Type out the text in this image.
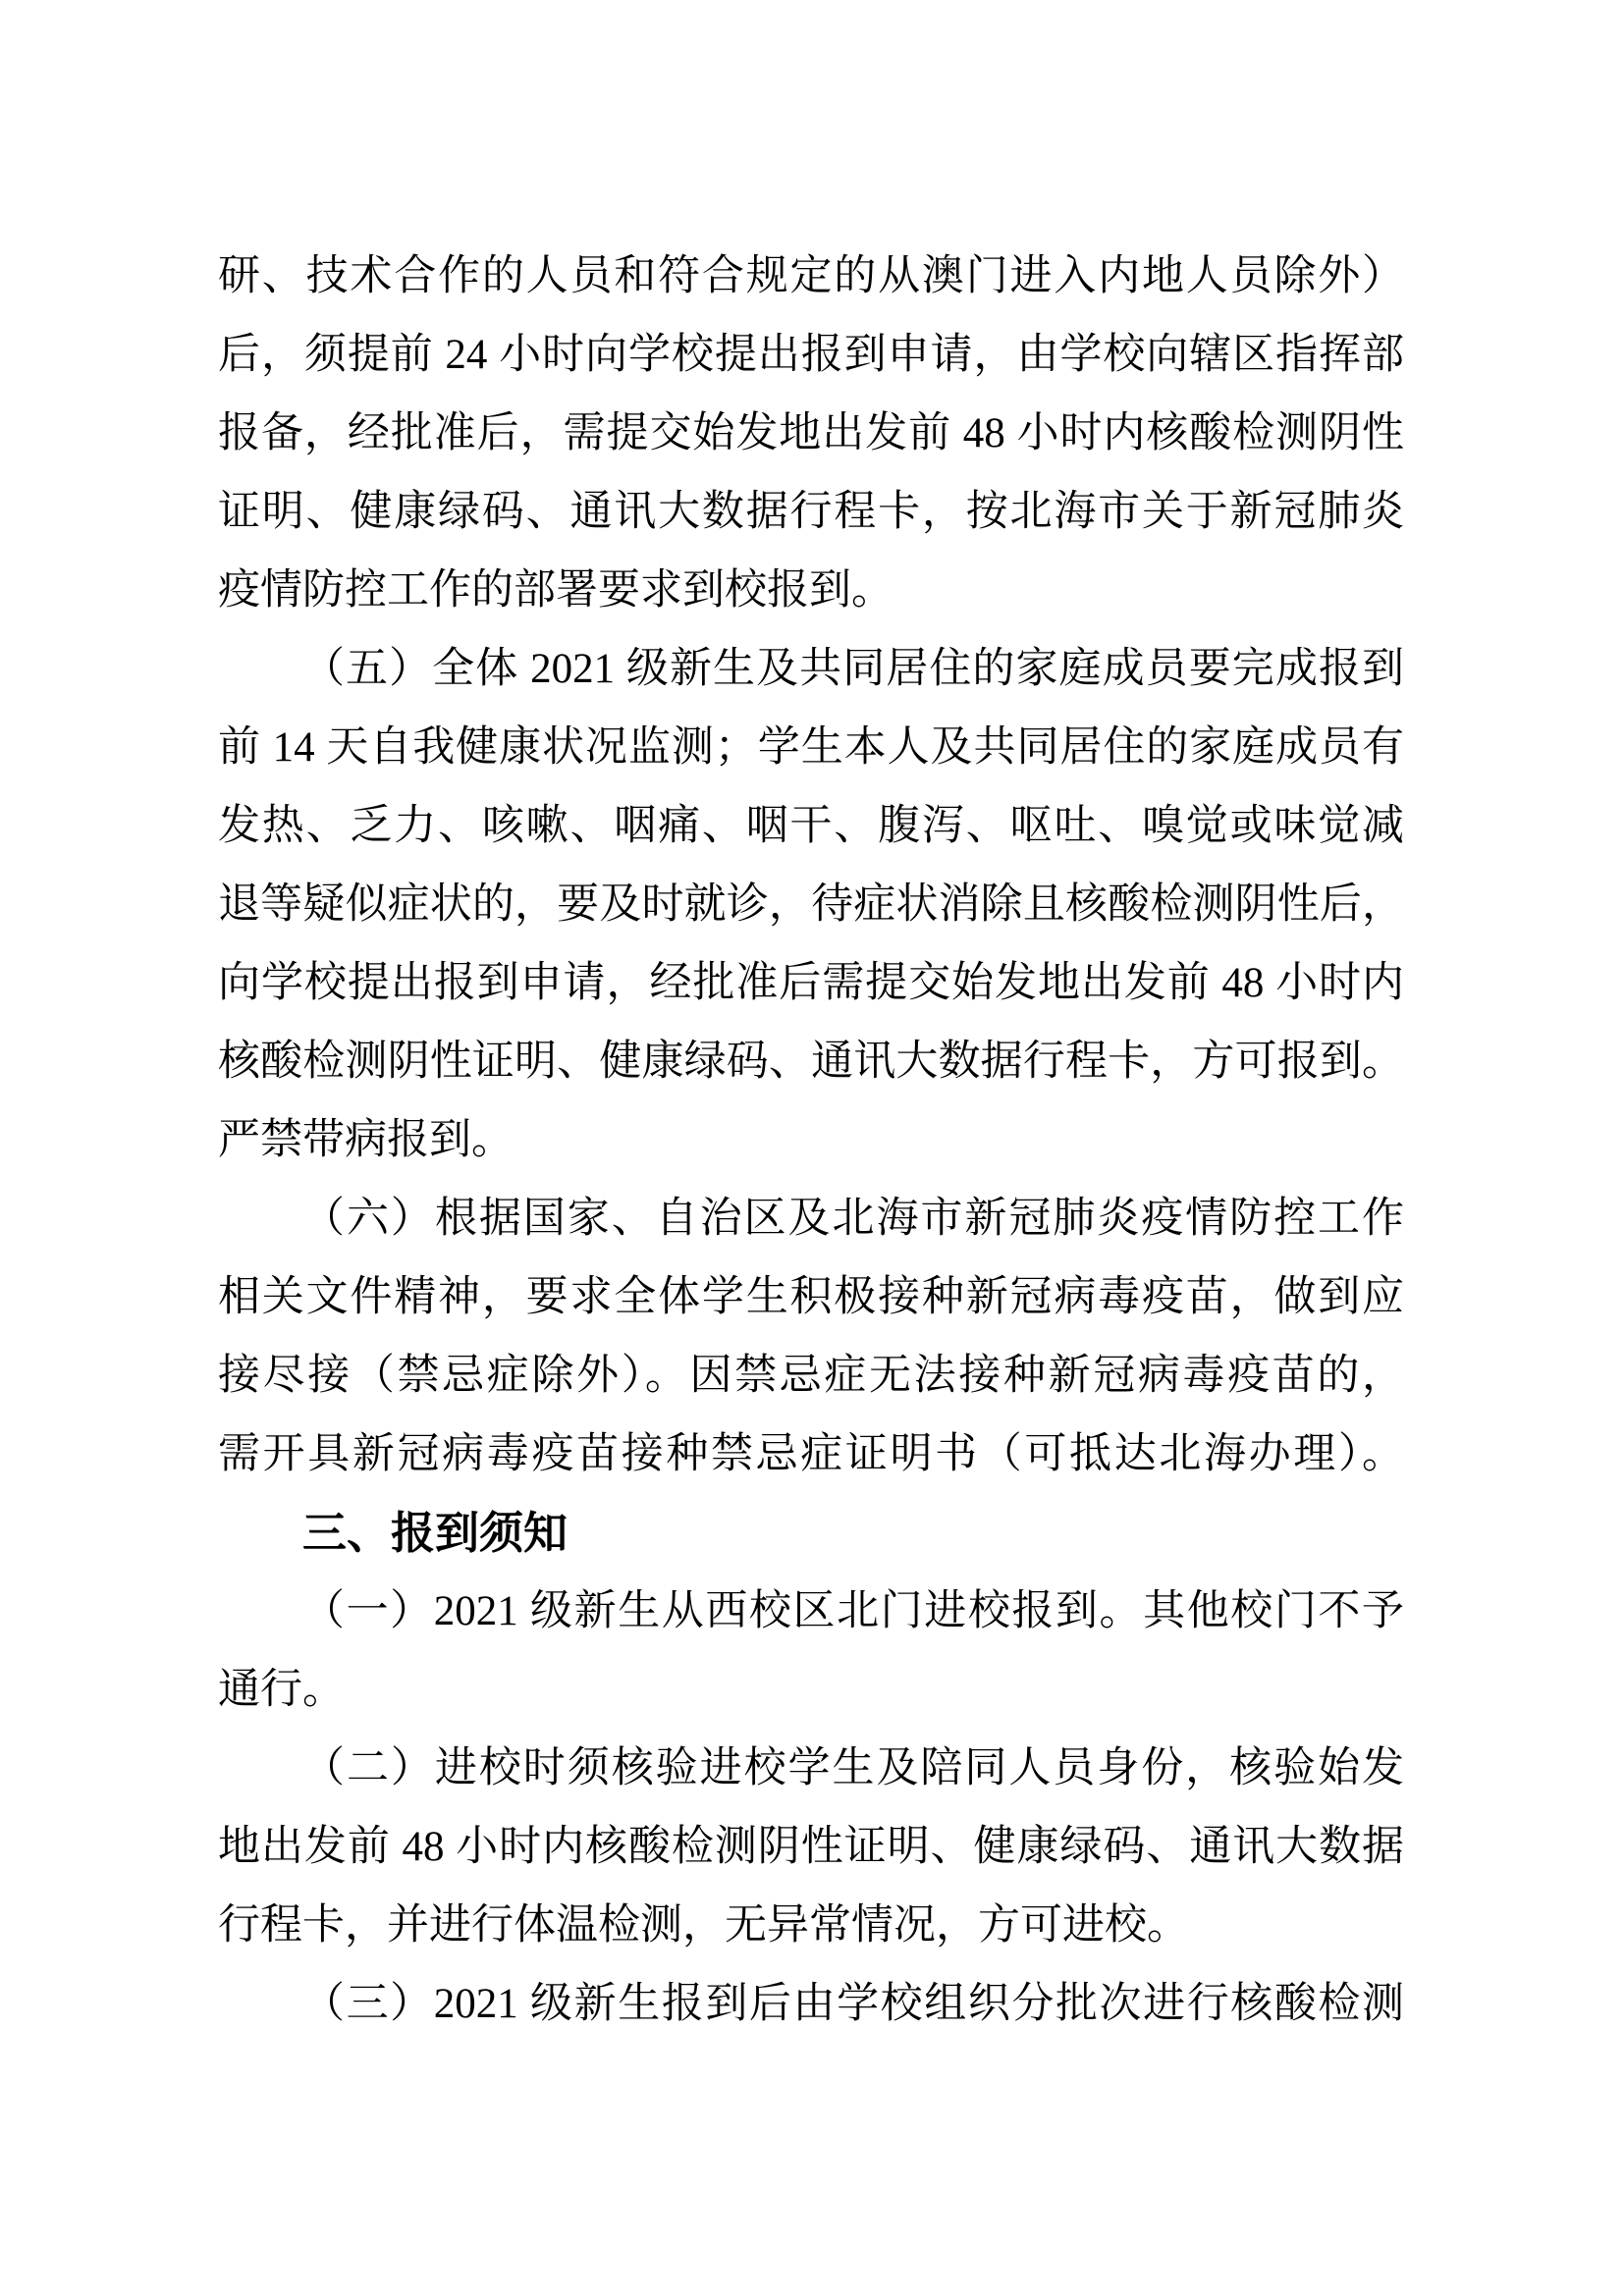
研、技术合作的人员和符合规定的从澳门进入内地人员除外）
后，须提前 24 小时向学校提出报到申请，由学校向辖区指挥部
报备，经批准后，需提交始发地出发前 48 小时内核酸检测阴性
证明、健康绿码、通讯大数据行程卡，按北海市关于新冠肺炎
疫情防控工作的部署要求到校报到。
（五）全体 2021 级新生及共同居住的家庭成员要完成报到
前 14 天自我健康状况监测；学生本人及共同居住的家庭成员有
发热、乏力、咳嗽、咽痛、咽干、腹泻、呕吐、嗅觉或味觉减
退等疑似症状的，要及时就诊，待症状消除且核酸检测阴性后，
向学校提出报到申请，经批准后需提交始发地出发前 48 小时内
核酸检测阴性证明、健康绿码、通讯大数据行程卡，方可报到。
严禁带病报到。
（六）根据国家、自治区及北海市新冠肺炎疫情防控工作
相关文件精神，要求全体学生积极接种新冠病毒疫苗，做到应
接尽接（禁忌症除外）。因禁忌症无法接种新冠病毒疫苗的，
需开具新冠病毒疫苗接种禁忌症证明书（可抵达北海办理）。
三、报到须知
（一）2021 级新生从西校区北门进校报到。其他校门不予
通行。
（二）进校时须核验进校学生及陪同人员身份，核验始发
地出发前 48 小时内核酸检测阴性证明、健康绿码、通讯大数据
行程卡，并进行体温检测，无异常情况，方可进校。
（三）2021 级新生报到后由学校组织分批次进行核酸检测
